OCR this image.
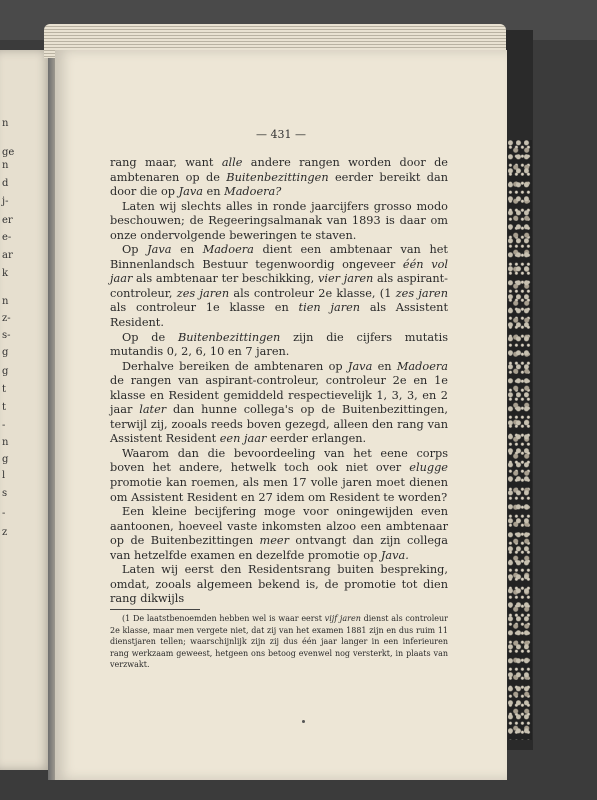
n
ge
n
d
j-
er
e-
ar
k
n
z-
s-
g
g
t
t
-
n
g
l
s
-
z
— 431 —

rang maar, want alle andere rangen worden door de ambtenaren op de Buitenbezittingen eerder bereikt dan door die op Java en Madoera?

Laten wij slechts alles in ronde jaarcijfers grosso modo beschouwen; de Regeeringsalmanak van 1893 is daar om onze ondervolgende beweringen te staven.

Op Java en Madoera dient een ambtenaar van het Binnenlandsch Bestuur tegenwoordig ongeveer één vol jaar als ambtenaar ter beschikking, vier jaren als aspirant-controleur, zes jaren als controleur 2e klasse, (1 zes jaren als controleur 1e klasse en tien jaren als Assistent Resident.

Op de Buitenbezittingen zijn die cijfers mutatis mutandis 0, 2, 6, 10 en 7 jaren.

Derhalve bereiken de ambtenaren op Java en Madoera de rangen van aspirant-controleur, controleur 2e en 1e klasse en Resident gemiddeld respectievelijk 1, 3, 3, en 2 jaar later dan hunne collega's op de Buitenbezittingen, terwijl zij, zooals reeds boven gezegd, alleen den rang van Assistent Resident een jaar eerder erlangen.

Waarom dan die bevoordeeling van het eene corps boven het andere, hetwelk toch ook niet over elugge promotie kan roemen, als men 17 volle jaren moet dienen om Assistent Resident en 27 idem om Resident te worden?

Een kleine becijfering moge voor oningewijden even aantoonen, hoeveel vaste inkomsten alzoo een ambtenaar op de Buitenbezittingen meer ontvangt dan zijn collega van hetzelfde examen en dezelfde promotie op Java.

Laten wij eerst den Residentsrang buiten bespreking, omdat, zooals algemeen bekend is, de promotie tot dien rang dikwijls

(1 De laatstbenoemden hebben wel is waar eerst vijf jaren dienst als controleur 2e klasse, maar men vergete niet, dat zij van het examen 1881 zijn en dus ruim 11 dienstjaren tellen; waarschijnlijk zijn zij dus één jaar langer in een inferieuren rang werkzaam geweest, hetgeen ons betoog evenwel nog versterkt, in plaats van verzwakt.
